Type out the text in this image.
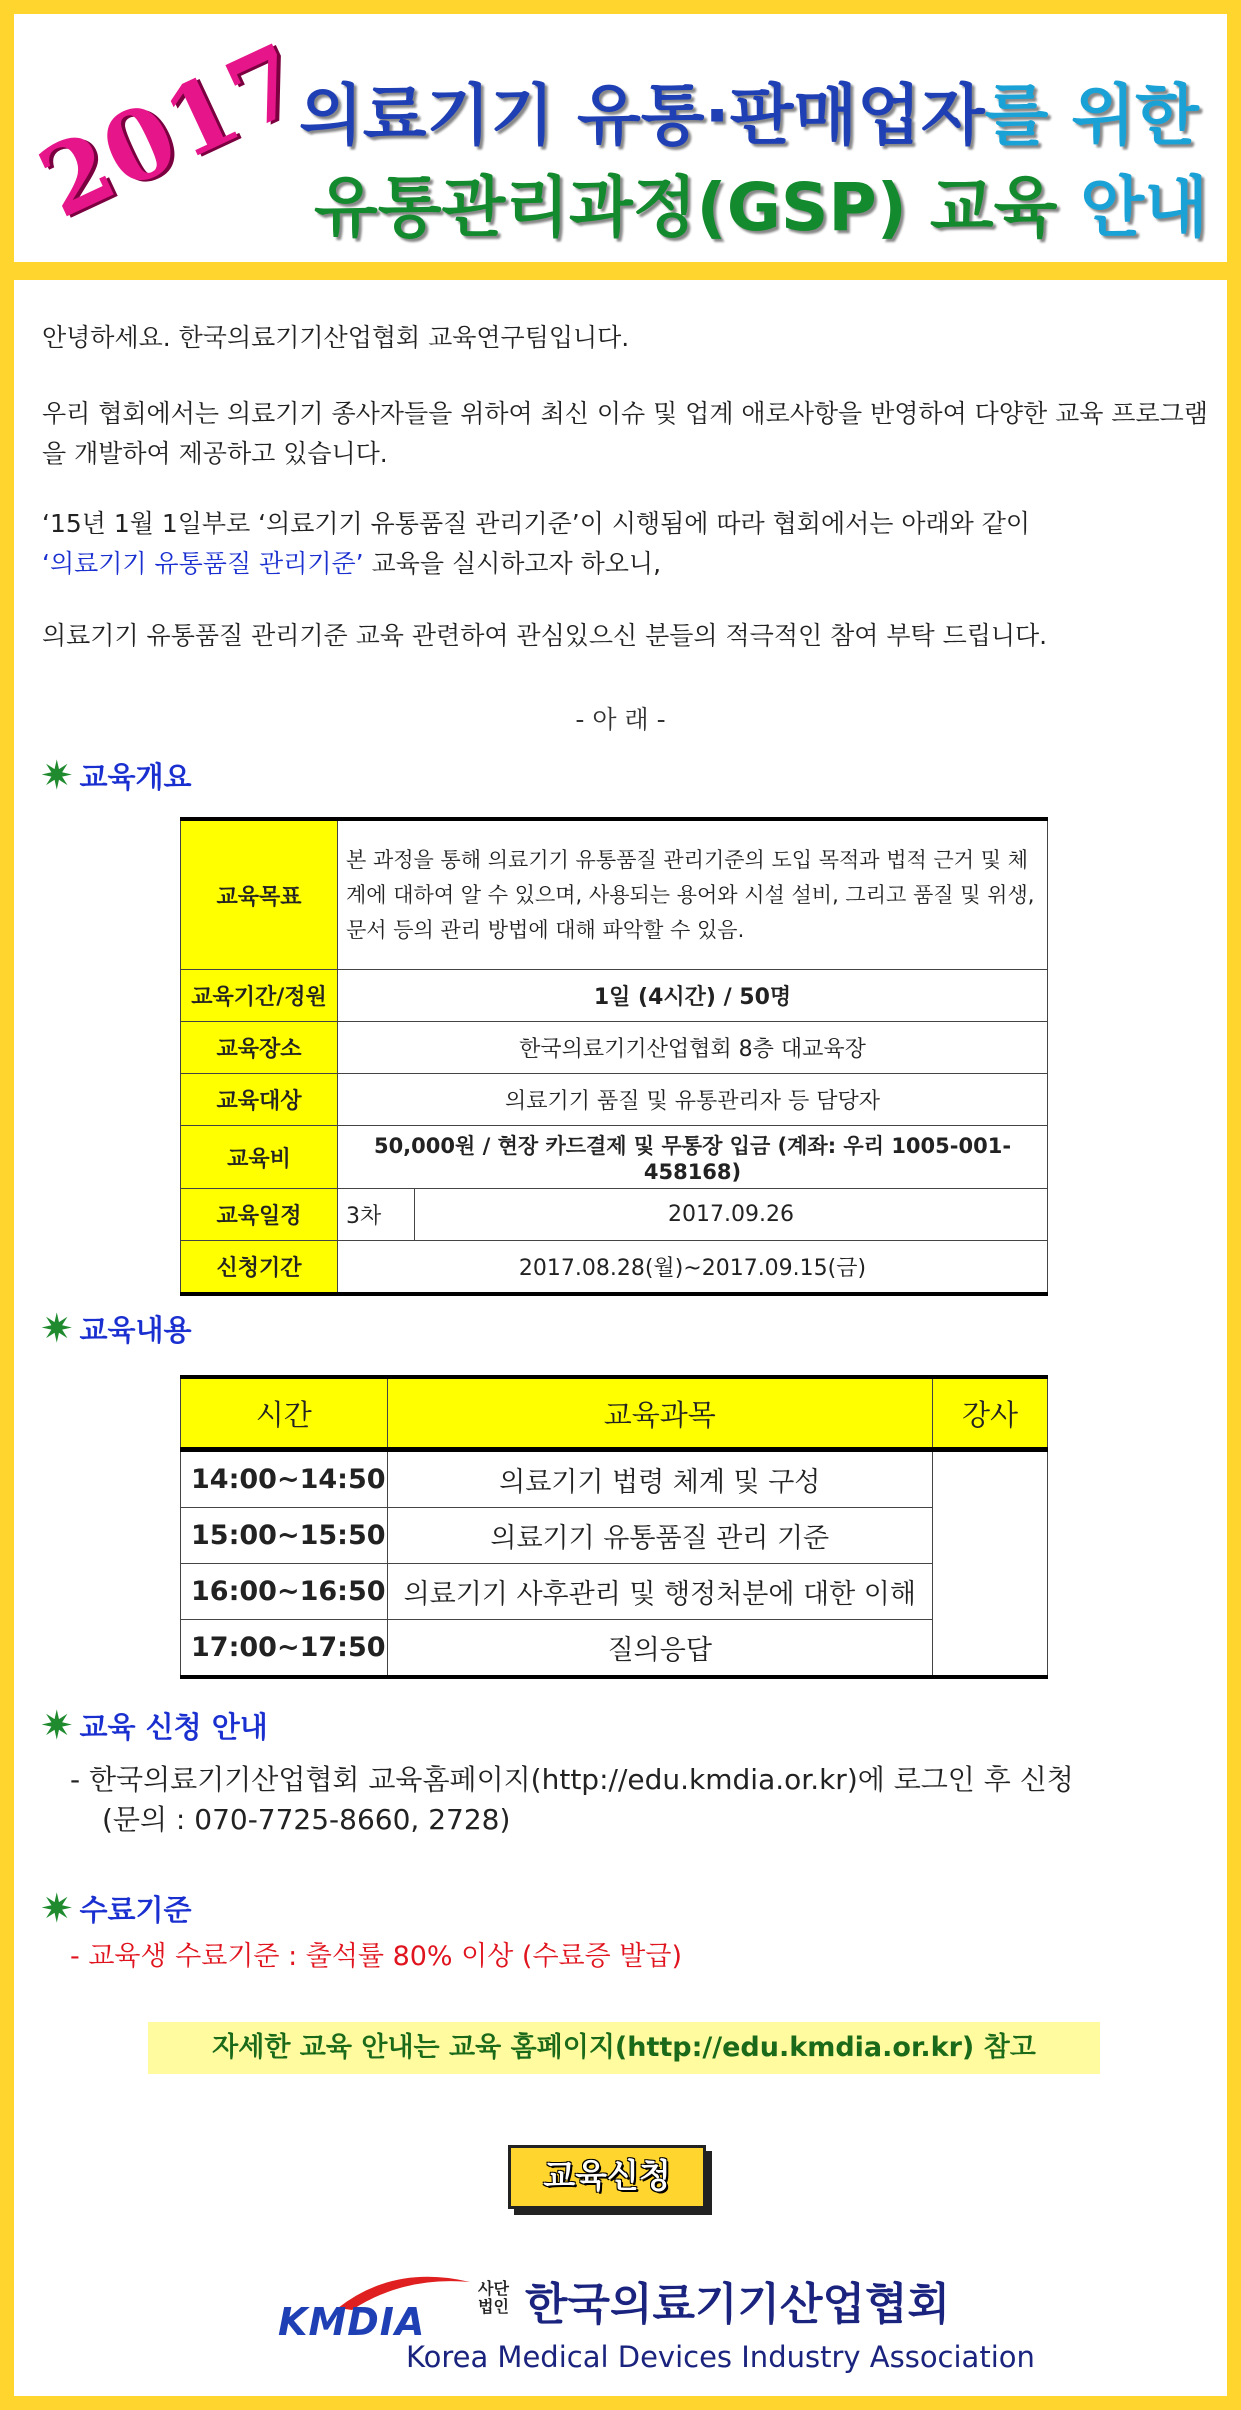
2017
의료기기 유통·판매업자를 위한
유통관리과정(GSP) 교육 안내
안녕하세요. 한국의료기기산업협회 교육연구팀입니다.
우리 협회에서는 의료기기 종사자들을 위하여 최신 이슈 및 업계 애로사항을 반영하여 다양한 교육 프로그램을 개발하여 제공하고 있습니다.
‘15년 1월 1일부로 ‘의료기기 유통품질 관리기준’이 시행됨에 따라 협회에서는 아래와 같이
‘의료기기 유통품질 관리기준’ 교육을 실시하고자 하오니,
의료기기 유통품질 관리기준 교육 관련하여 관심있으신 분들의 적극적인 참여 부탁 드립니다.
- 아 래 -
✷ 교육개요
교육목표	본 과정을 통해 의료기기 유통품질 관리기준의 도입 목적과 법적 근거 및 체계에 대하여 알 수 있으며, 사용되는 용어와 시설 설비, 그리고 품질 및 위생, 문서 등의 관리 방법에 대해 파악할 수 있음.	
교육기간/정원	1일 (4시간) / 50명	
교육장소	한국의료기기산업협회 8층 대교육장	
교육대상	의료기기 품질 및 유통관리자 등 담당자	
교육비	50,000원 / 현장 카드결제 및 무통장 입금 (계좌: 우리 1005-001-458168)	
교육일정	3차	2017.09.26
신청기간	2017.08.28(월)~2017.09.15(금)	
✷ 교육내용
시간	교육과목	강사
14:00~14:50	의료기기 법령 체계 및 구성	
15:00~15:50	의료기기 유통품질 관리 기준	
16:00~16:50	의료기기 사후관리 및 행정처분에 대한 이해	
17:00~17:50	질의응답	
✷ 교육 신청 안내
- 한국의료기기산업협회 교육홈페이지(http://edu.kmdia.or.kr)에 로그인 후 신청
(문의 : 070-7725-8660, 2728)
✷ 수료기준
- 교육생 수료기준 : 출석률 80% 이상 (수료증 발급)
자세한 교육 안내는 교육 홈페이지(http://edu.kmdia.or.kr) 참고
교육신청
KMDIA
사단
법인 한국의료기기산업협회
Korea Medical Devices Industry Association
